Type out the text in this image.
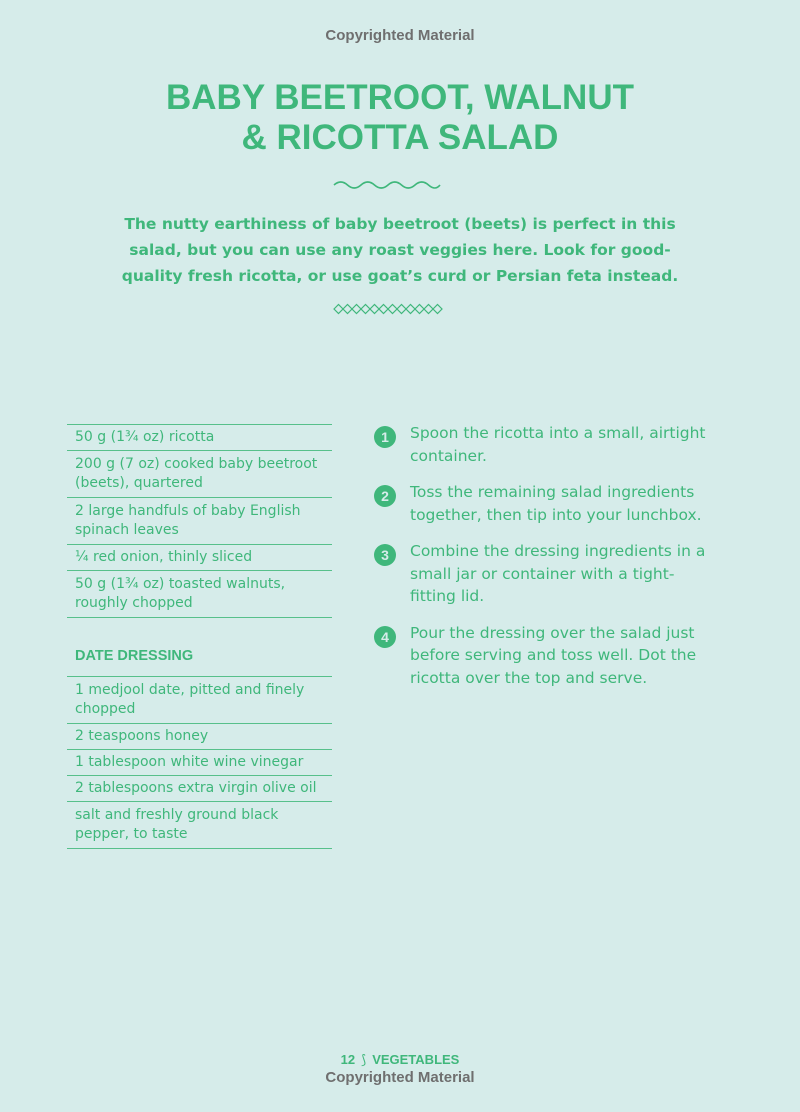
Copyrighted Material
BABY BEETROOT, WALNUT
& RICOTTA SALAD
The nutty earthiness of baby beetroot (beets) is perfect in this salad, but you can use any roast veggies here. Look for good-quality fresh ricotta, or use goat’s curd or Persian feta instead.
50 g (1¾ oz) ricotta
200 g (7 oz) cooked baby beetroot (beets), quartered
2 large handfuls of baby English spinach leaves
¼ red onion, thinly sliced
50 g (1¾ oz) toasted walnuts, roughly chopped
DATE DRESSING
1 medjool date, pitted and finely chopped
2 teaspoons honey
1 tablespoon white wine vinegar
2 tablespoons extra virgin olive oil
salt and freshly ground black pepper, to taste
1	Spoon the ricotta into a small, airtight container.
2	Toss the remaining salad ingredients together, then tip into your lunchbox.
3	Combine the dressing ingredients in a small jar or container with a tight-fitting lid.
4	Pour the dressing over the salad just before serving and toss well. Dot the ricotta over the top and serve.
12 ⟆ VEGETABLES
Copyrighted Material
